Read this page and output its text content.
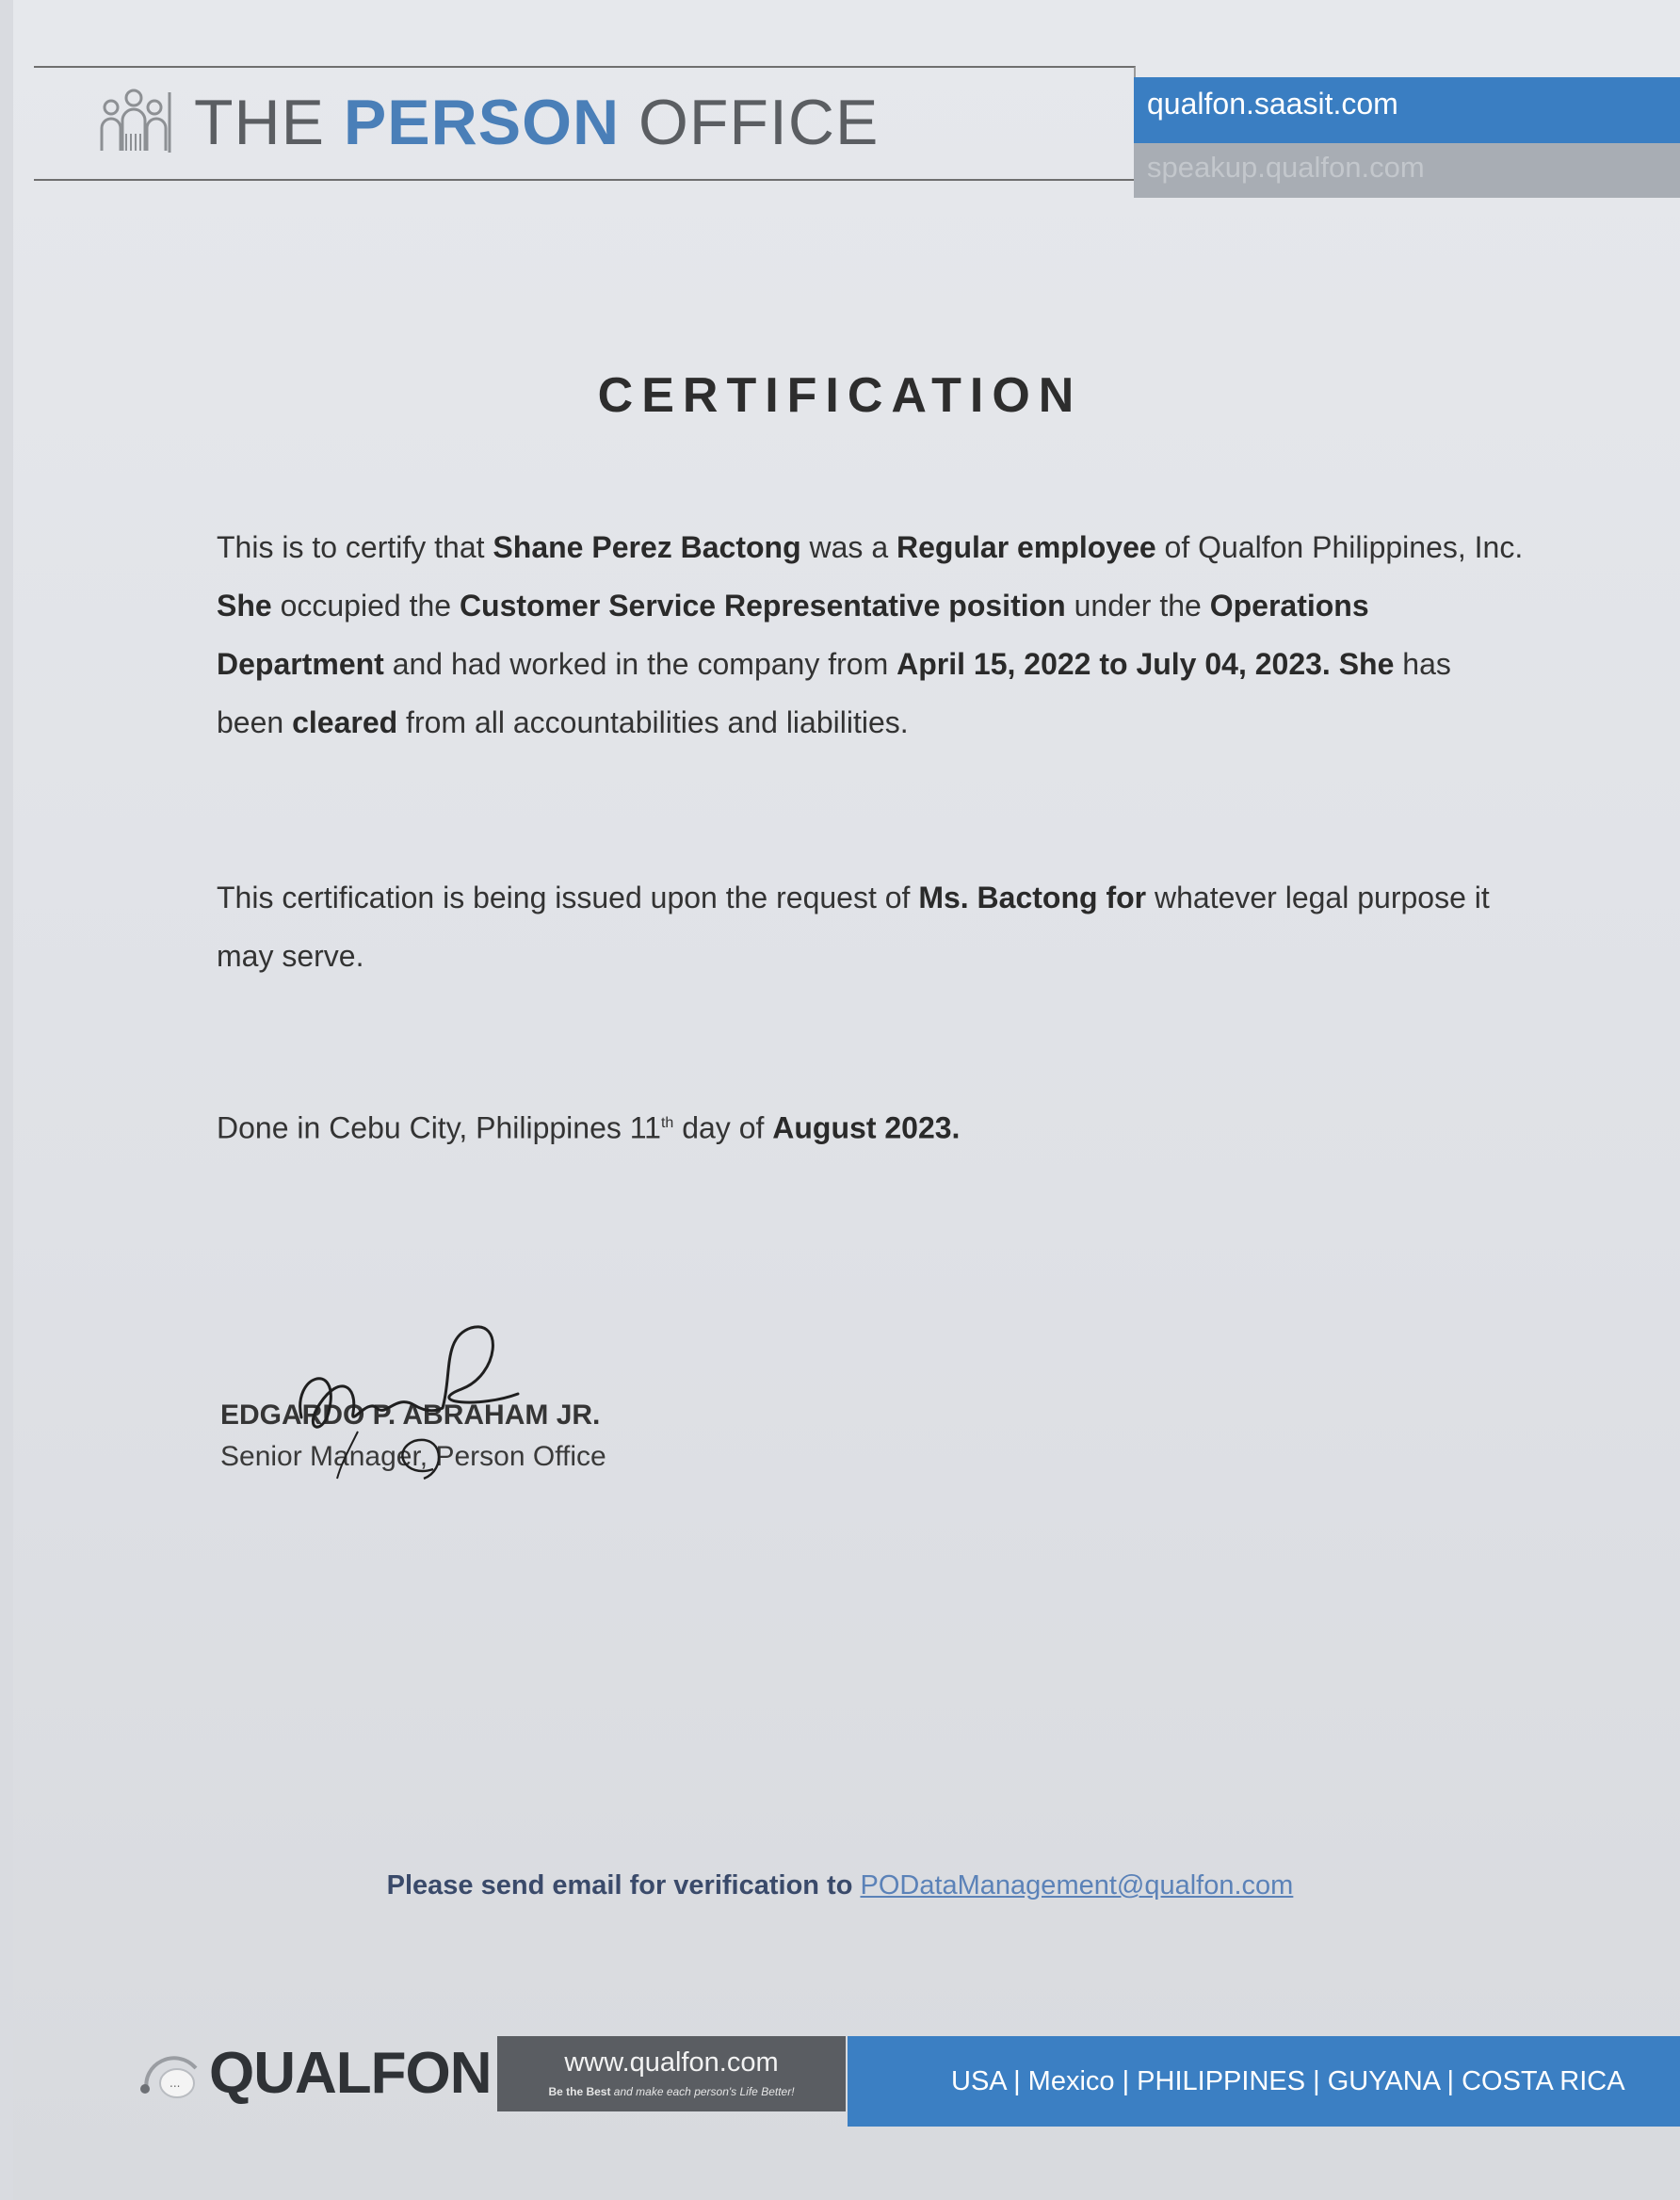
THE PERSON OFFICE	qualfon.saasit.com
speakup.qualfon.com
CERTIFICATION
This is to certify that Shane Perez Bactong was a Regular employee of Qualfon Philippines, Inc. She occupied the Customer Service Representative position under the Operations Department and had worked in the company from April 15, 2022 to July 04, 2023. She has been cleared from all accountabilities and liabilities.
This certification is being issued upon the request of Ms. Bactong for whatever legal purpose it may serve.
Done in Cebu City, Philippines 11th day of August 2023.
EDGARDO P. ABRAHAM JR.
Senior Manager, Person Office
Please send email for verification to PODataManagement@qualfon.com
... QUALFON	www.qualfon.com
Be the Best and make each person's Life Better!	USA | Mexico | PHILIPPINES | GUYANA | COSTA RICA
